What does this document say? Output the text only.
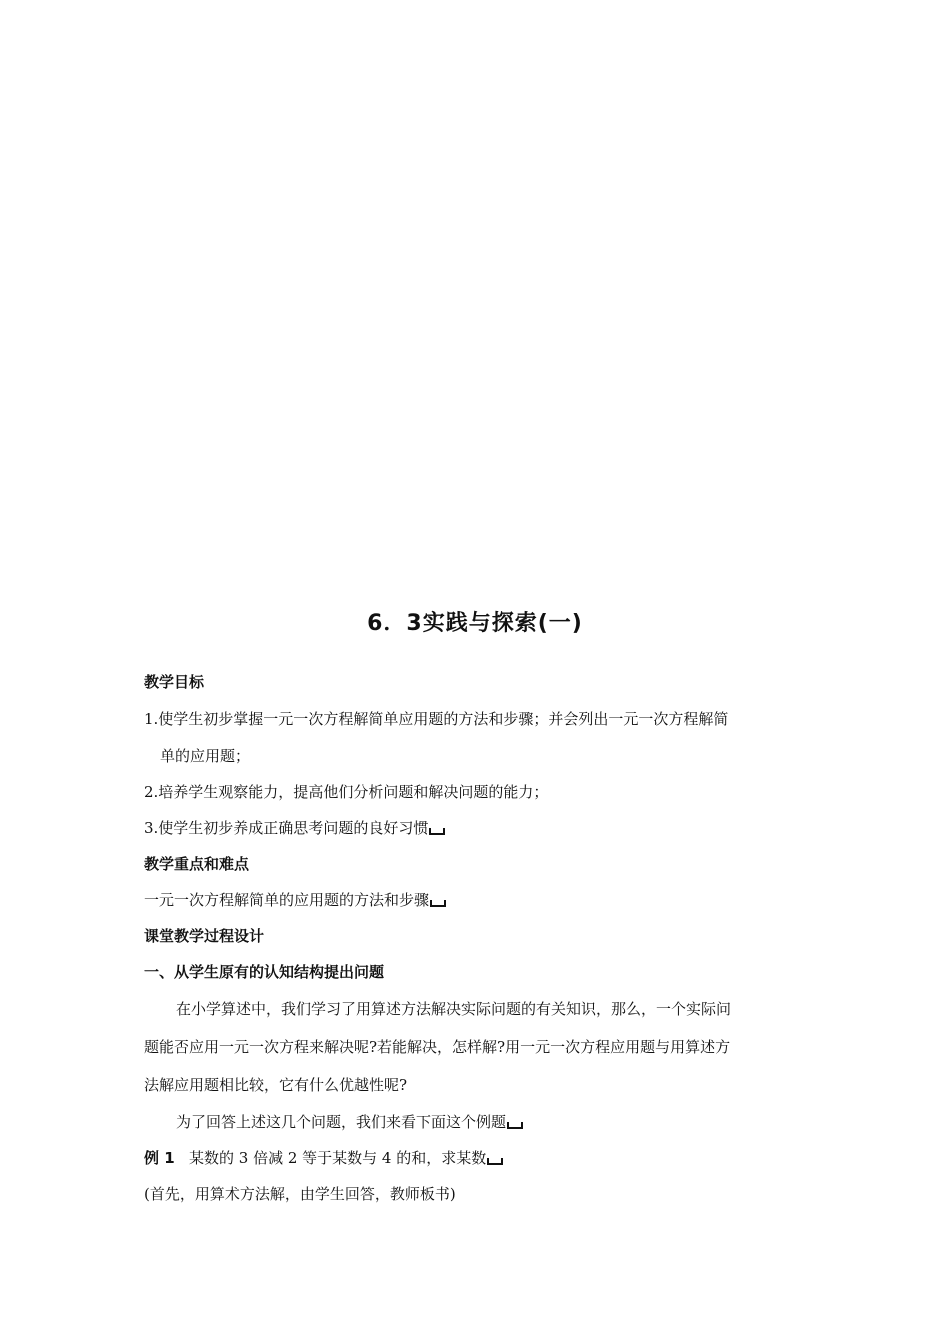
6．3实践与探索(一)
教学目标
1.使学生初步掌握一元一次方程解简单应用题的方法和步骤；并会列出一元一次方程解简
单的应用题；
2.培养学生观察能力，提高他们分析问题和解决问题的能力；
3.使学生初步养成正确思考问题的良好习惯
教学重点和难点
一元一次方程解简单的应用题的方法和步骤
课堂教学过程设计
一、从学生原有的认知结构提出问题
在小学算述中，我们学习了用算述方法解决实际问题的有关知识，那么，一个实际问
题能否应用一元一次方程来解决呢?若能解决，怎样解?用一元一次方程应用题与用算述方
法解应用题相比较，它有什么优越性呢?
为了回答上述这几个问题，我们来看下面这个例题
例 1 某数的 3 倍减 2 等于某数与 4 的和，求某数
(首先，用算术方法解，由学生回答，教师板书)
